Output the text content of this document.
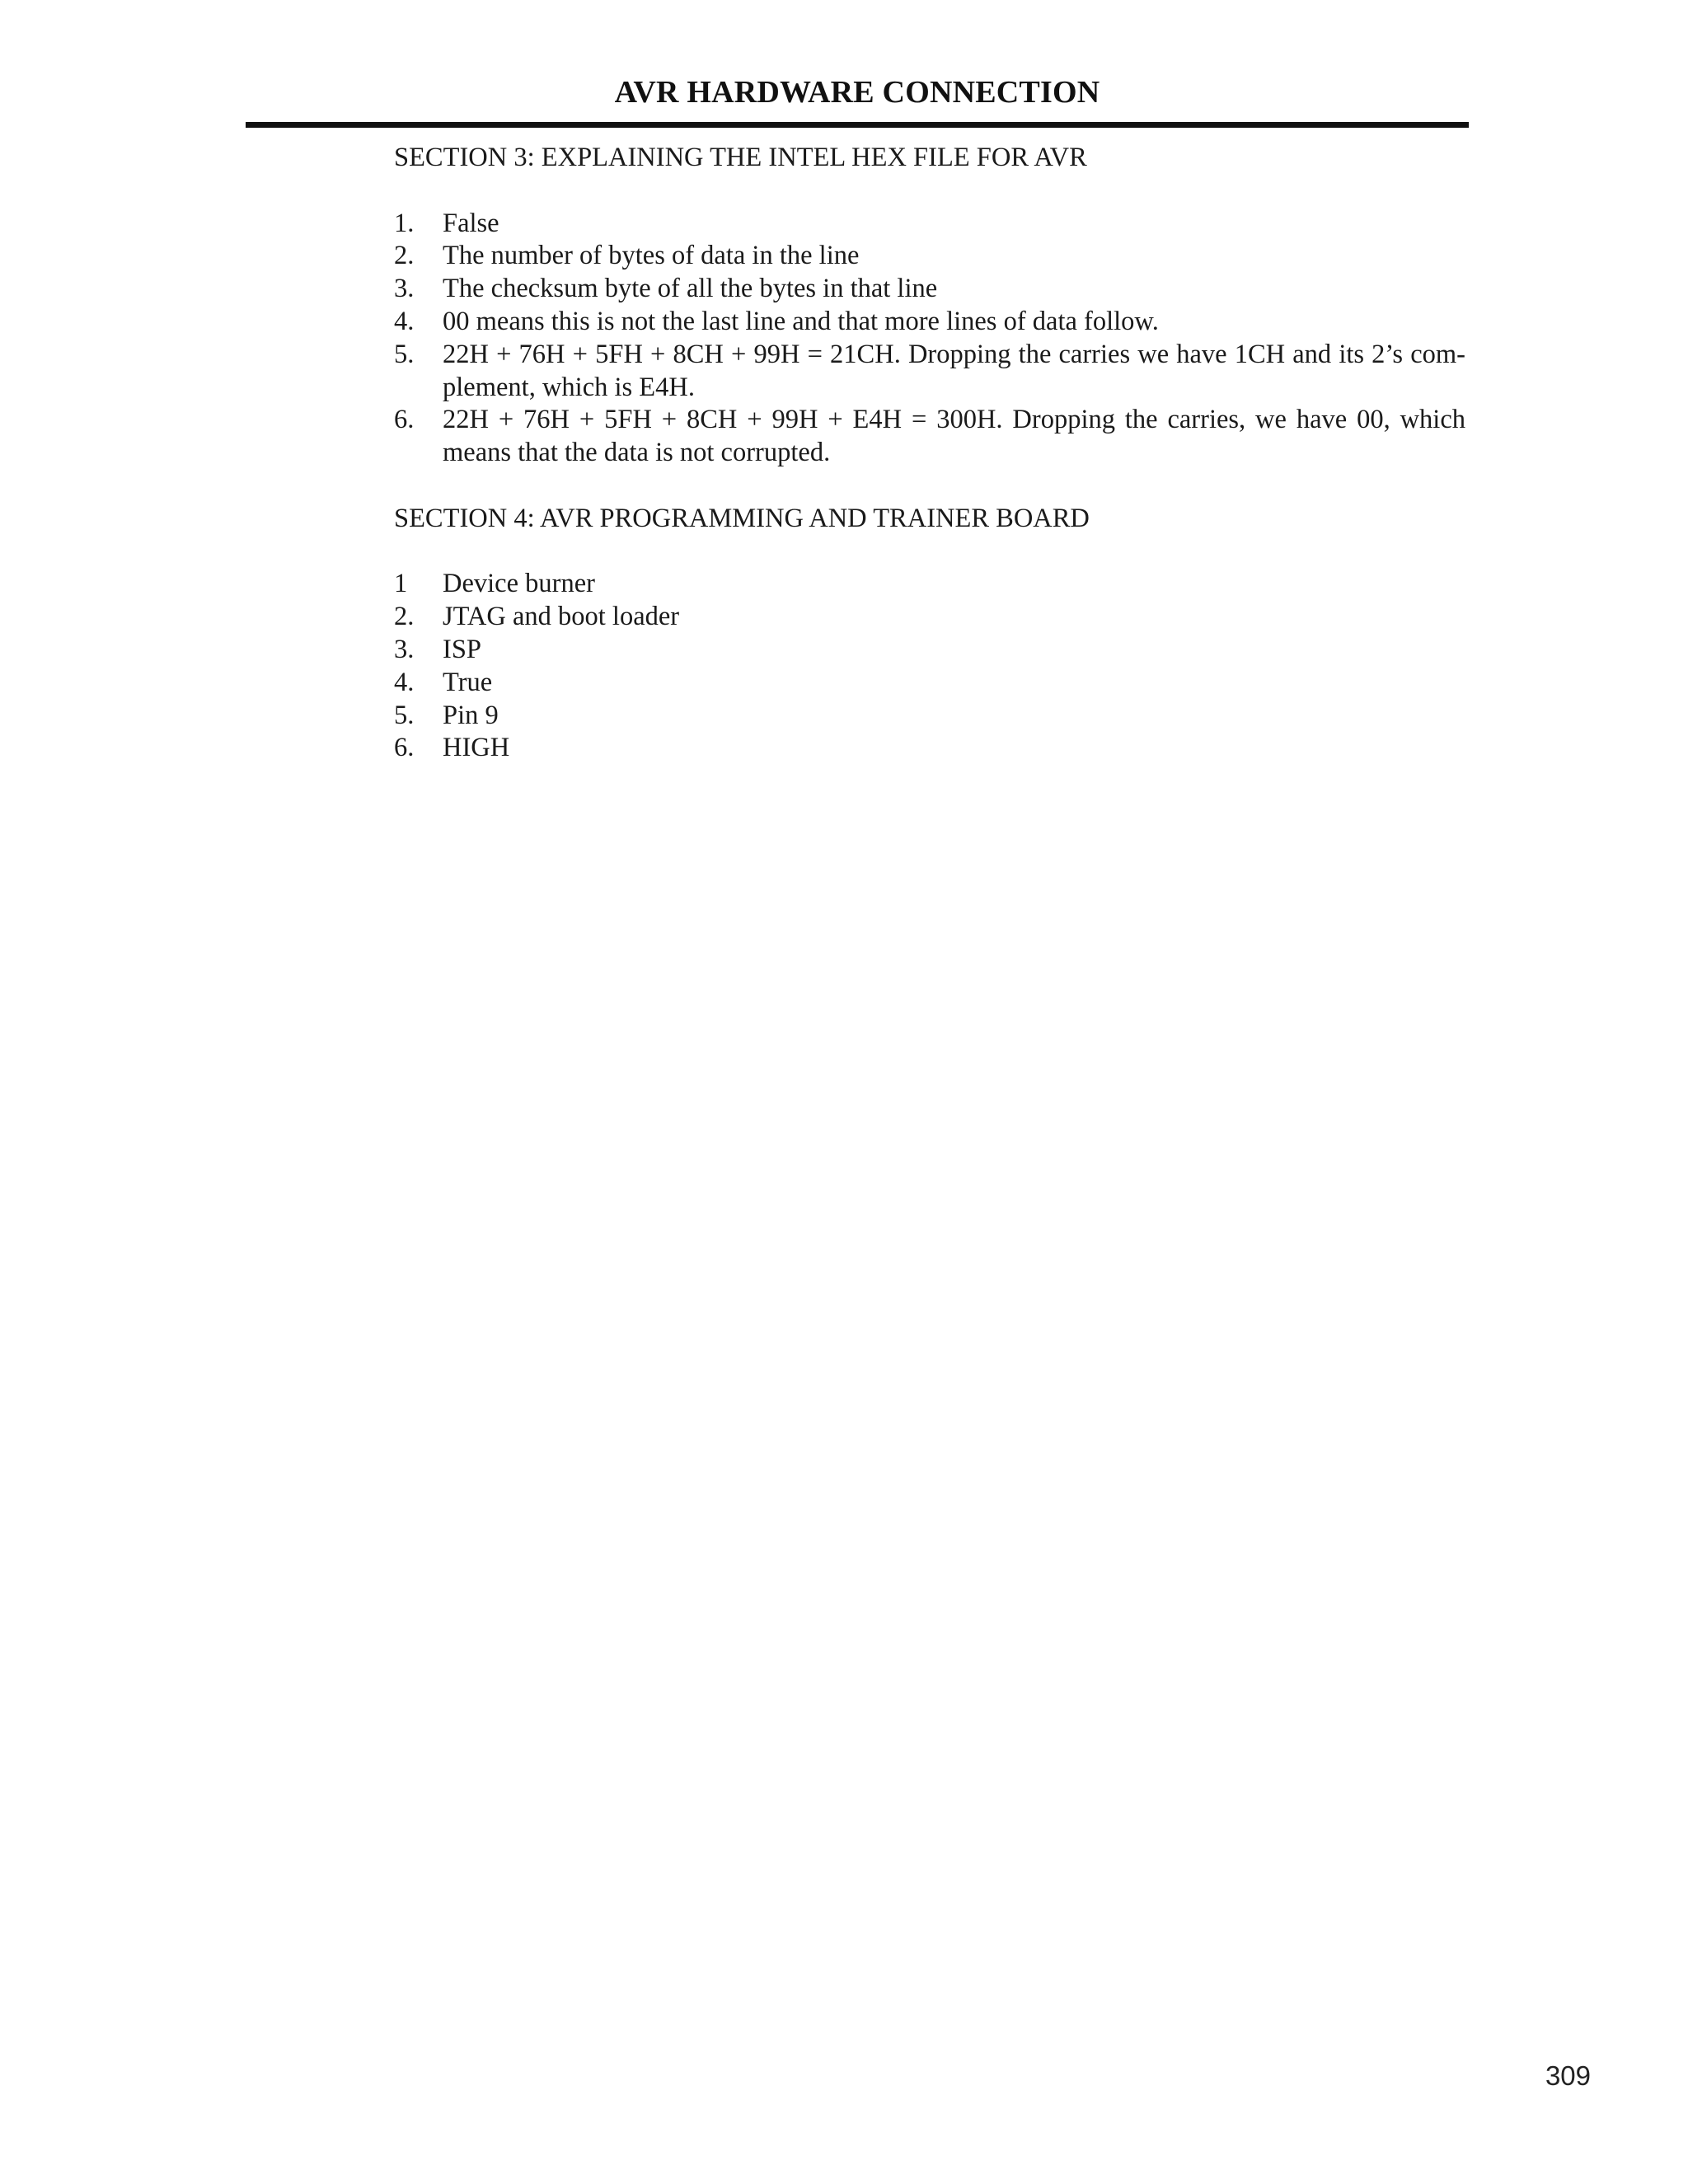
AVR HARDWARE CONNECTION
SECTION 3: EXPLAINING THE INTEL HEX FILE FOR AVR
1. False
2. The number of bytes of data in the line
3. The checksum byte of all the bytes in that line
4. 00 means this is not the last line and that more lines of data follow.
5. 22H + 76H + 5FH + 8CH + 99H = 21CH. Dropping the carries we have 1CH and its 2’s complement, which is E4H.
6. 22H + 76H + 5FH + 8CH + 99H + E4H = 300H. Dropping the carries, we have 00, which means that the data is not corrupted.
SECTION 4: AVR PROGRAMMING AND TRAINER BOARD
1 Device burner
2. JTAG and boot loader
3. ISP
4. True
5. Pin 9
6. HIGH
309
